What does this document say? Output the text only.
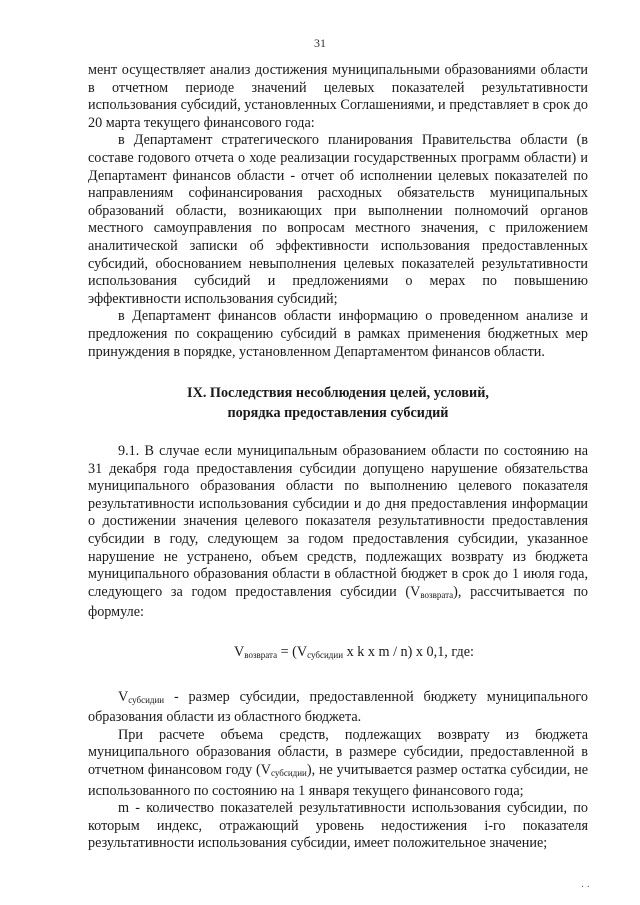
31

мент осуществляет анализ достижения муниципальными образованиями области в отчетном периоде значений целевых показателей результативности использования субсидий, установленных Соглашениями, и представляет в срок до 20 марта текущего финансового года:

в Департамент стратегического планирования Правительства области (в составе годового отчета о ходе реализации государственных программ области) и Департамент финансов области - отчет об исполнении целевых показателей по направлениям софинансирования расходных обязательств муниципальных образований области, возникающих при выполнении полномочий органов местного самоуправления по вопросам местного значения, с приложением аналитической записки об эффективности использования предоставленных субсидий, обоснованием невыполнения целевых показателей результативности использования субсидий и предложениями о мерах по повышению эффективности использования субсидий;

в Департамент финансов области информацию о проведенном анализе и предложения по сокращению субсидий в рамках применения бюджетных мер принуждения в порядке, установленном Департаментом финансов области.

IX. Последствия несоблюдения целей, условий,
порядка предоставления субсидий

9.1. В случае если муниципальным образованием области по состоянию на 31 декабря года предоставления субсидии допущено нарушение обязательства муниципального образования области по выполнению целевого показателя результативности использования субсидии и до дня предоставления информации о достижении значения целевого показателя результативности предоставления субсидии в году, следующем за годом предоставления субсидии, указанное нарушение не устранено, объем средств, подлежащих возврату из бюджета муниципального образования области в областной бюджет в срок до 1 июля года, следующего за годом предоставления субсидии $(V_{возврата})$, рассчитывается по формуле:

$V_{возврата} = (V_{субсидии}$ x k x m / n) x 0,1, где:

$V_{субсидии}$ - размер субсидии, предоставленной бюджету муниципального образования области из областного бюджета.

При расчете объема средств, подлежащих возврату из бюджета муниципального образования области, в размере субсидии, предоставленной в отчетном финансовом году $(V_{субсидии})$, не учитывается размер остатка субсидии, не использованного по состоянию на 1 января текущего финансового года;

m - количество показателей результативности использования субсидии, по которым индекс, отражающий уровень недостижения i-го показателя результативности использования субсидии, имеет положительное значение;

· ·
